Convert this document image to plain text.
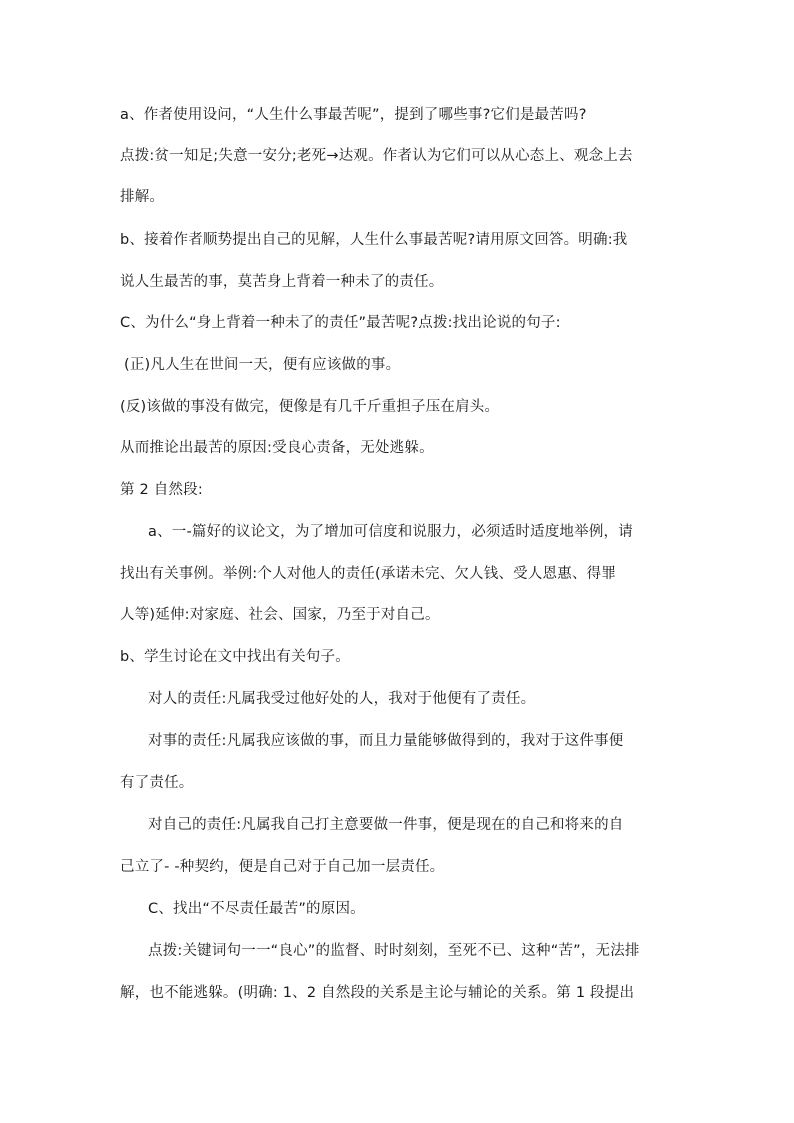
a、作者使用设问，“人生什么事最苦呢”，提到了哪些事?它们是最苦吗?
点拨:贫一知足;失意一安分;老死→达观。作者认为它们可以从心态上、观念上去
排解。
b、接着作者顺势提出自己的见解，人生什么事最苦呢?请用原文回答。明确:我
说人生最苦的事，莫苦身上背着一种未了的责任。
C、为什么“身上背着一种未了的责任”最苦呢?点拨:找出论说的句子:
(正)凡人生在世间一天，便有应该做的事。
(反)该做的事没有做完，便像是有几千斤重担子压在肩头。
从而推论出最苦的原因:受良心责备，无处逃躲。
第 2 自然段:
a、一-篇好的议论文，为了增加可信度和说服力，必须适时适度地举例，请
找出有关事例。举例:个人对他人的责任(承诺未完、欠人钱、受人恩惠、得罪
人等)延伸:对家庭、社会、国家，乃至于对自己。
b、学生讨论在文中找出有关句子。
对人的责任:凡属我受过他好处的人，我对于他便有了责任。
对事的责任:凡属我应该做的事，而且力量能够做得到的，我对于这件事便
有了责任。
对自己的责任:凡属我自己打主意要做一件事，便是现在的自己和将来的自
己立了- -种契约，便是自己对于自己加一层责任。
C、找出“不尽责任最苦”的原因。
点拨:关键词句一一“良心”的监督、时时刻刻，至死不已、这种“苦”，无法排
解，也不能逃躲。(明确: 1、2 自然段的关系是主论与辅论的关系。第 1 段提出
